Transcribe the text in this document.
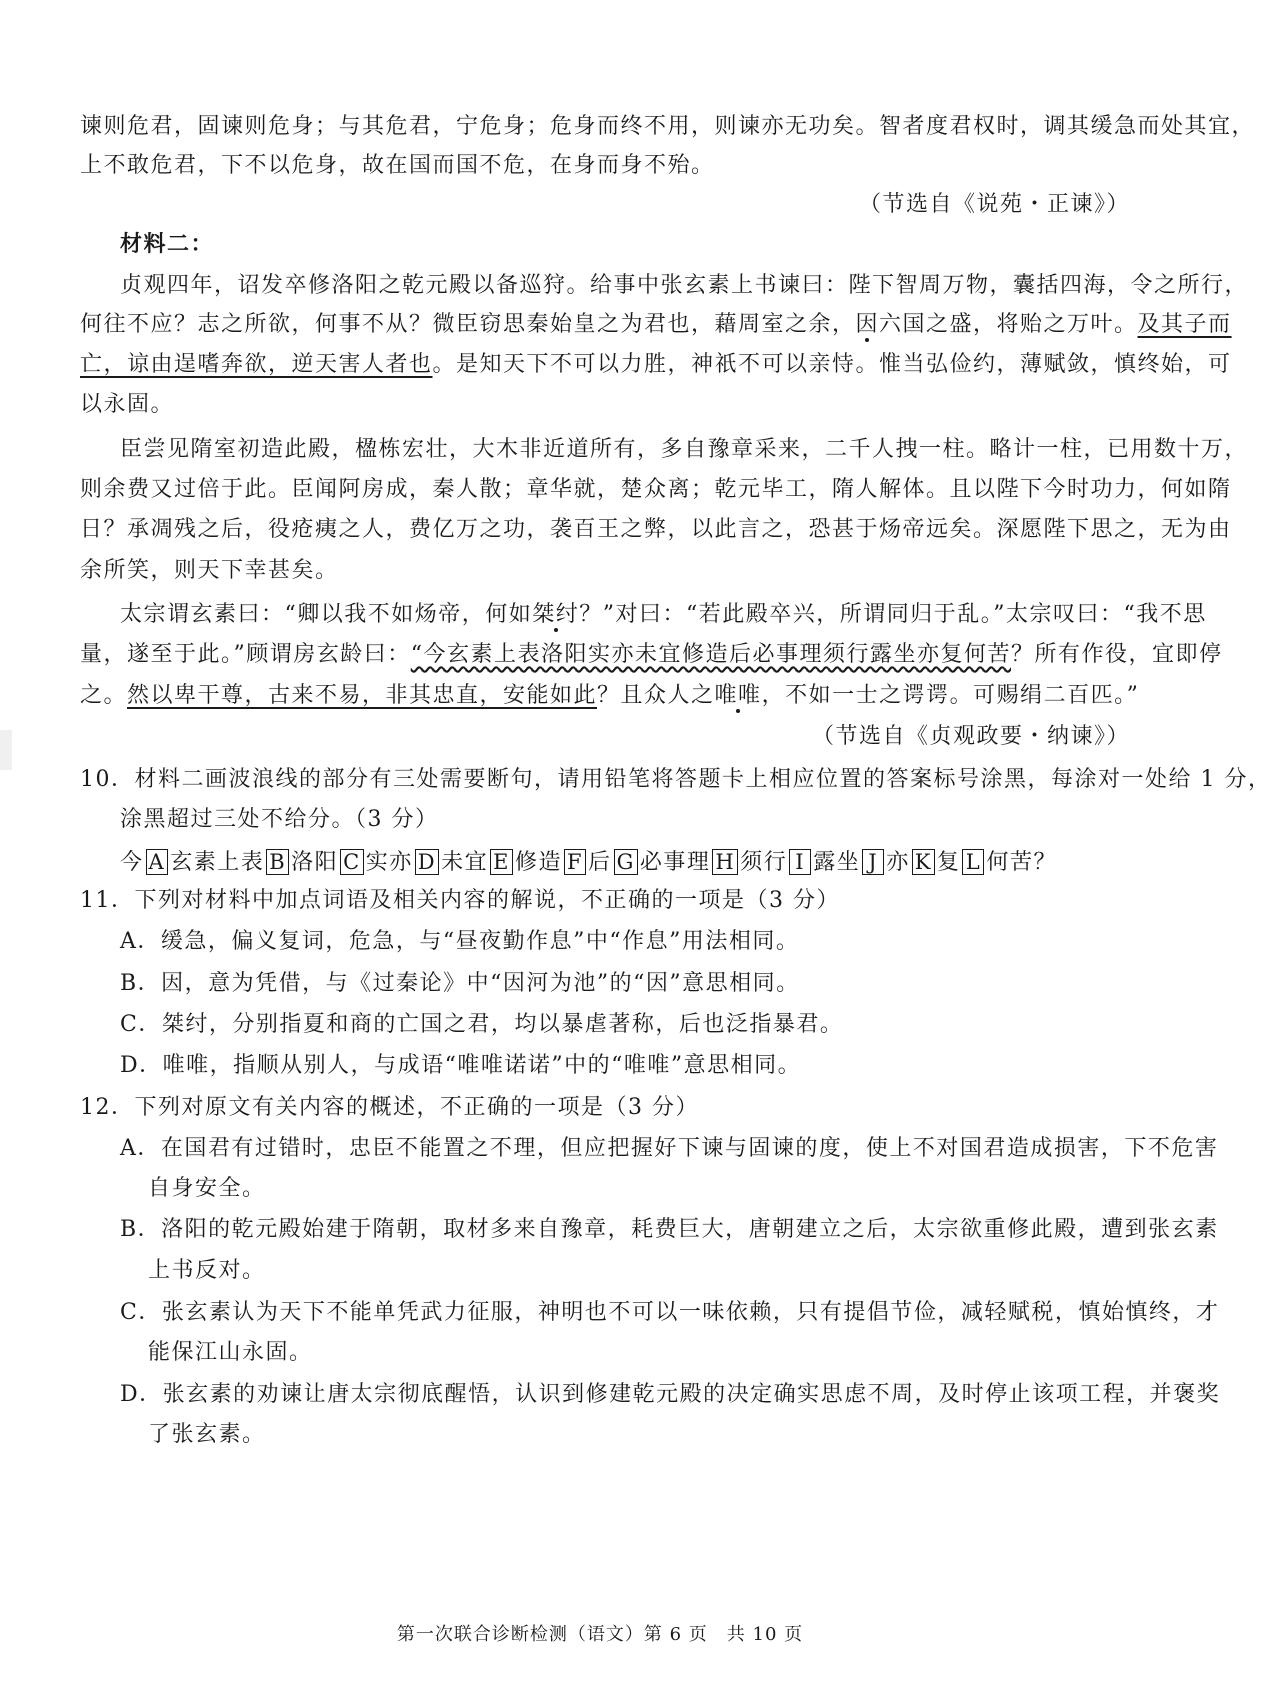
谏则危君，固谏则危身；与其危君，宁危身；危身而终不用，则谏亦无功矣。智者度君权时，调其缓急而处其宜，
上不敢危君，下不以危身，故在国而国不危，在身而身不殆。
（节选自《说苑・正谏》）
材料二：
贞观四年，诏发卒修洛阳之乾元殿以备巡狩。给事中张玄素上书谏曰：陛下智周万物，囊括四海，令之所行，
何往不应？志之所欲，何事不从？微臣窃思秦始皇之为君也，藉周室之余，因六国之盛，将贻之万叶。及其子而
亡，谅由逞嗜奔欲，逆天害人者也。是知天下不可以力胜，神祇不可以亲恃。惟当弘俭约，薄赋敛，慎终始，可
以永固。
臣尝见隋室初造此殿，楹栋宏壮，大木非近道所有，多自豫章采来，二千人拽一柱。略计一柱，已用数十万，
则余费又过倍于此。臣闻阿房成，秦人散；章华就，楚众离；乾元毕工，隋人解体。且以陛下今时功力，何如隋
日？承凋残之后，役疮痍之人，费亿万之功，袭百王之弊，以此言之，恐甚于炀帝远矣。深愿陛下思之，无为由
余所笑，则天下幸甚矣。
太宗谓玄素曰：“卿以我不如炀帝，何如桀纣？”对曰：“若此殿卒兴，所谓同归于乱。”太宗叹曰：“我不思
量，遂至于此。”顾谓房玄龄曰：“今玄素上表洛阳实亦未宜修造后必事理须行露坐亦复何苦？所有作役，宜即停
之。然以卑干尊，古来不易，非其忠直，安能如此？且众人之唯唯，不如一士之谔谔。可赐绢二百匹。”
（节选自《贞观政要・纳谏》）
10．材料二画波浪线的部分有三处需要断句，请用铅笔将答题卡上相应位置的答案标号涂黑，每涂对一处给 1 分，
涂黑超过三处不给分。（3 分）
今 A 玄素上表 B 洛阳 C 实亦 D 未宜 E 修造 F 后 G 必事理 H 须行 I 露坐 J 亦 K 复 L 何苦？
11．下列对材料中加点词语及相关内容的解说，不正确的一项是（3 分）
A．缓急，偏义复词，危急，与“昼夜勤作息”中“作息”用法相同。
B．因，意为凭借，与《过秦论》中“因河为池”的“因”意思相同。
C．桀纣，分别指夏和商的亡国之君，均以暴虐著称，后也泛指暴君。
D．唯唯，指顺从别人，与成语“唯唯诺诺”中的“唯唯”意思相同。
12．下列对原文有关内容的概述，不正确的一项是（3 分）
A．在国君有过错时，忠臣不能置之不理，但应把握好下谏与固谏的度，使上不对国君造成损害，下不危害
自身安全。
B．洛阳的乾元殿始建于隋朝，取材多来自豫章，耗费巨大，唐朝建立之后，太宗欲重修此殿，遭到张玄素
上书反对。
C．张玄素认为天下不能单凭武力征服，神明也不可以一味依赖，只有提倡节俭，减轻赋税，慎始慎终，才
能保江山永固。
D．张玄素的劝谏让唐太宗彻底醒悟，认识到修建乾元殿的决定确实思虑不周，及时停止该项工程，并褒奖
了张玄素。
第一次联合诊断检测（语文）第 6 页　共 10 页
